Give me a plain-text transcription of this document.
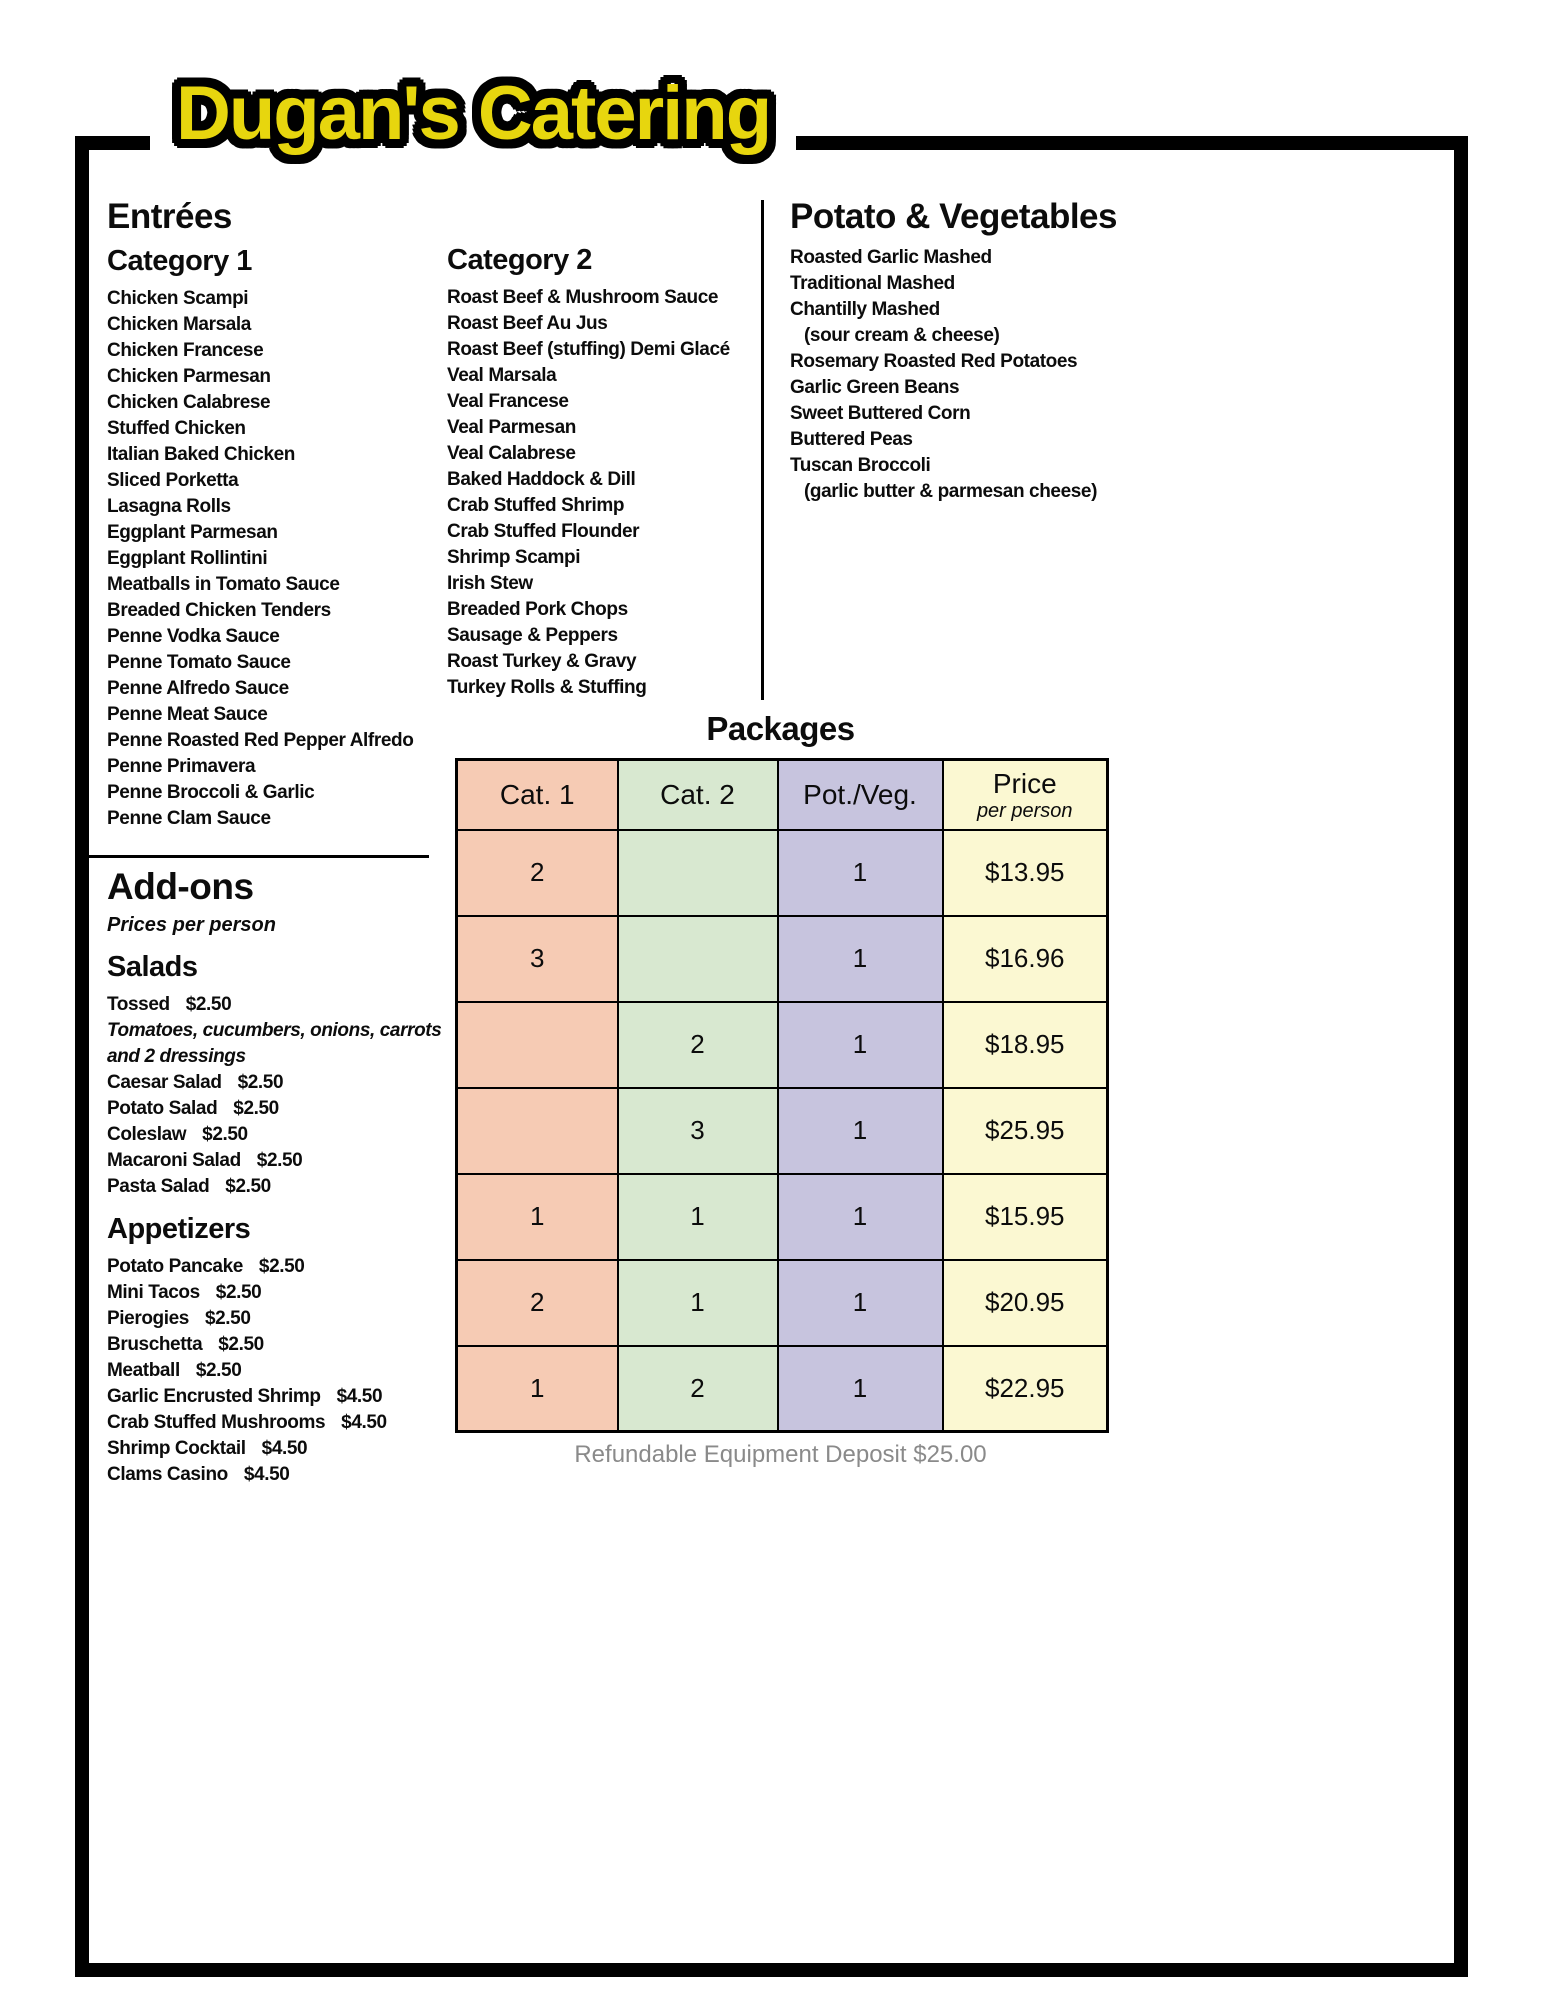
Dugan's Catering
Entrées
Category 1
Chicken Scampi
Chicken Marsala
Chicken Francese
Chicken Parmesan
Chicken Calabrese
Stuffed Chicken
Italian Baked Chicken
Sliced Porketta
Lasagna Rolls
Eggplant Parmesan
Eggplant Rollintini
Meatballs in Tomato Sauce
Breaded Chicken Tenders
Penne Vodka Sauce
Penne Tomato Sauce
Penne Alfredo Sauce
Penne Meat Sauce
Penne Roasted Red Pepper Alfredo
Penne Primavera
Penne Broccoli & Garlic
Penne Clam Sauce
Category 2
Roast Beef & Mushroom Sauce
Roast Beef Au Jus
Roast Beef (stuffing) Demi Glacé
Veal Marsala
Veal Francese
Veal Parmesan
Veal Calabrese
Baked Haddock & Dill
Crab Stuffed Shrimp
Crab Stuffed Flounder
Shrimp Scampi
Irish Stew
Breaded Pork Chops
Sausage & Peppers
Roast Turkey & Gravy
Turkey Rolls & Stuffing
Potato & Vegetables
Roasted Garlic Mashed
Traditional Mashed
Chantilly Mashed
(sour cream & cheese)
Rosemary Roasted Red Potatoes
Garlic Green Beans
Sweet Buttered Corn
Buttered Peas
Tuscan Broccoli
(garlic butter & parmesan cheese)
Add-ons
Prices per person
Salads
Tossed $2.50
Tomatoes, cucumbers, onions, carrots
and 2 dressings
Caesar Salad $2.50
Potato Salad $2.50
Coleslaw $2.50
Macaroni Salad $2.50
Pasta Salad $2.50
Appetizers
Potato Pancake $2.50
Mini Tacos $2.50
Pierogies $2.50
Bruschetta $2.50
Meatball $2.50
Garlic Encrusted Shrimp $4.50
Crab Stuffed Mushrooms $4.50
Shrimp Cocktail $4.50
Clams Casino $4.50
Packages
Cat. 1	Cat. 2	Pot./Veg.	Price
per person

2		1	$13.95
3		1	$16.96
	2	1	$18.95
	3	1	$25.95
1	1	1	$15.95
2	1	1	$20.95
1	2	1	$22.95
Refundable Equipment Deposit $25.00
